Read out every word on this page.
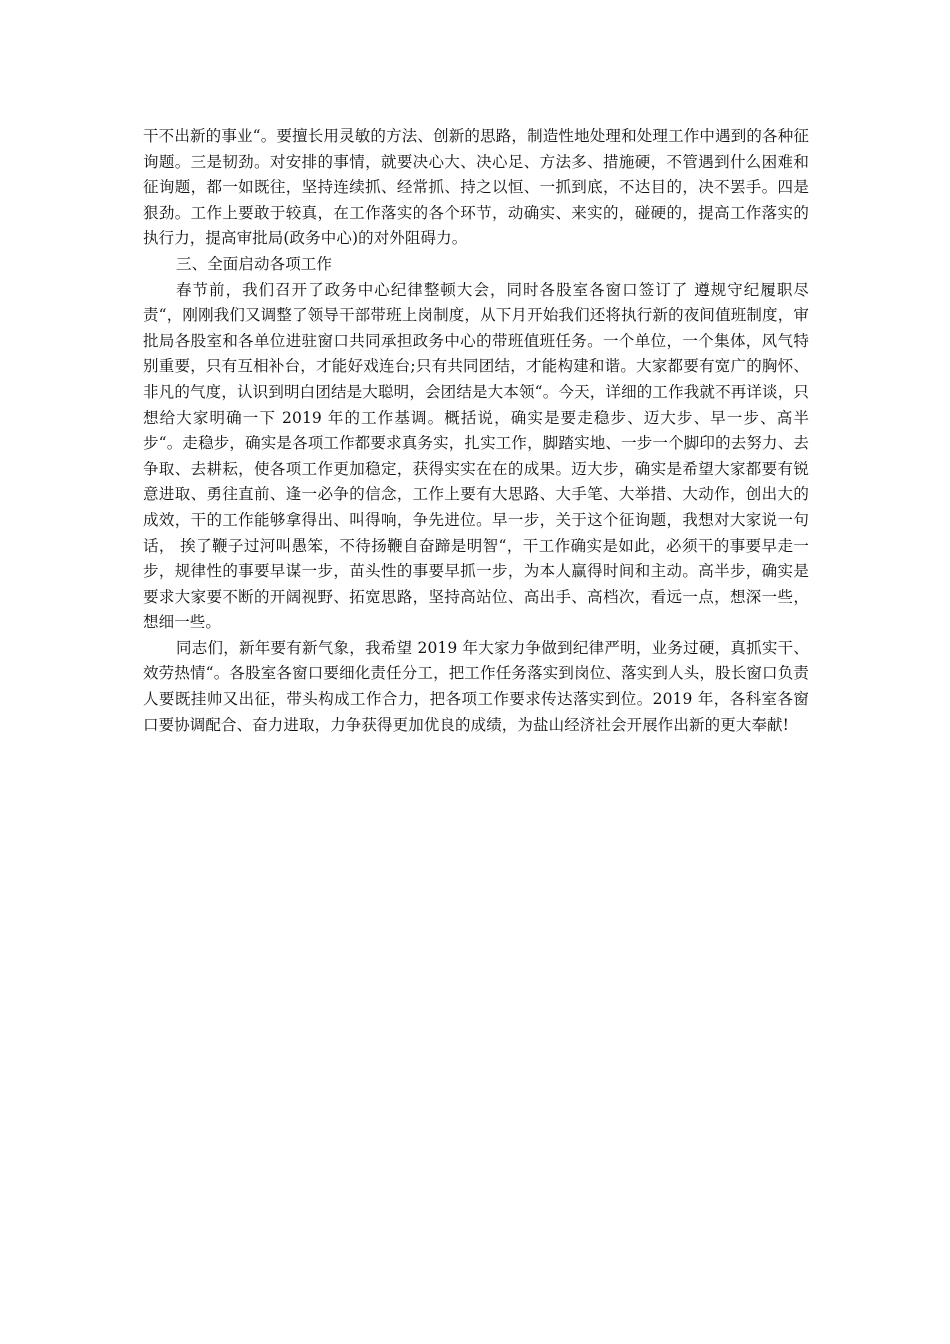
干不出新的事业“。要擅长用灵敏的方法、创新的思路，制造性地处理和处理工作中遇到的各种征询题。三是韧劲。对安排的事情，就要决心大、决心足、方法多、措施硬，不管遇到什么困难和征询题，都一如既往，坚持连续抓、经常抓、持之以恒、一抓到底，不达目的，决不罢手。四是狠劲。工作上要敢于较真，在工作落实的各个环节，动确实、来实的，碰硬的，提高工作落实的执行力，提高审批局(政务中心)的对外阻碍力。

三、全面启动各项工作

春节前，我们召开了政务中心纪律整顿大会，同时各股室各窗口签订了 遵规守纪履职尽责“，刚刚我们又调整了领导干部带班上岗制度，从下月开始我们还将执行新的夜间值班制度，审批局各股室和各单位进驻窗口共同承担政务中心的带班值班任务。一个单位，一个集体，风气特别重要，只有互相补台，才能好戏连台;只有共同团结，才能构建和谐。大家都要有宽广的胸怀、非凡的气度，认识到明白团结是大聪明，会团结是大本领“。今天，详细的工作我就不再详谈，只想给大家明确一下 2019 年的工作基调。概括说，确实是要走稳步、迈大步、早一步、高半步“。走稳步，确实是各项工作都要求真务实，扎实工作，脚踏实地、一步一个脚印的去努力、去争取、去耕耘，使各项工作更加稳定，获得实实在在的成果。迈大步，确实是希望大家都要有锐意进取、勇往直前、逢一必争的信念，工作上要有大思路、大手笔、大举措、大动作，创出大的成效，干的工作能够拿得出、叫得响，争先进位。早一步，关于这个征询题，我想对大家说一句话， 挨了鞭子过河叫愚笨，不待扬鞭自奋蹄是明智“，干工作确实是如此，必须干的事要早走一步，规律性的事要早谋一步，苗头性的事要早抓一步，为本人赢得时间和主动。高半步，确实是要求大家要不断的开阔视野、拓宽思路，坚持高站位、高出手、高档次，看远一点，想深一些，想细一些。

同志们，新年要有新气象，我希望 2019 年大家力争做到纪律严明，业务过硬，真抓实干、效劳热情“。各股室各窗口要细化责任分工，把工作任务落实到岗位、落实到人头，股长窗口负责人要既挂帅又出征，带头构成工作合力，把各项工作要求传达落实到位。2019 年，各科室各窗口要协调配合、奋力进取，力争获得更加优良的成绩，为盐山经济社会开展作出新的更大奉献!
